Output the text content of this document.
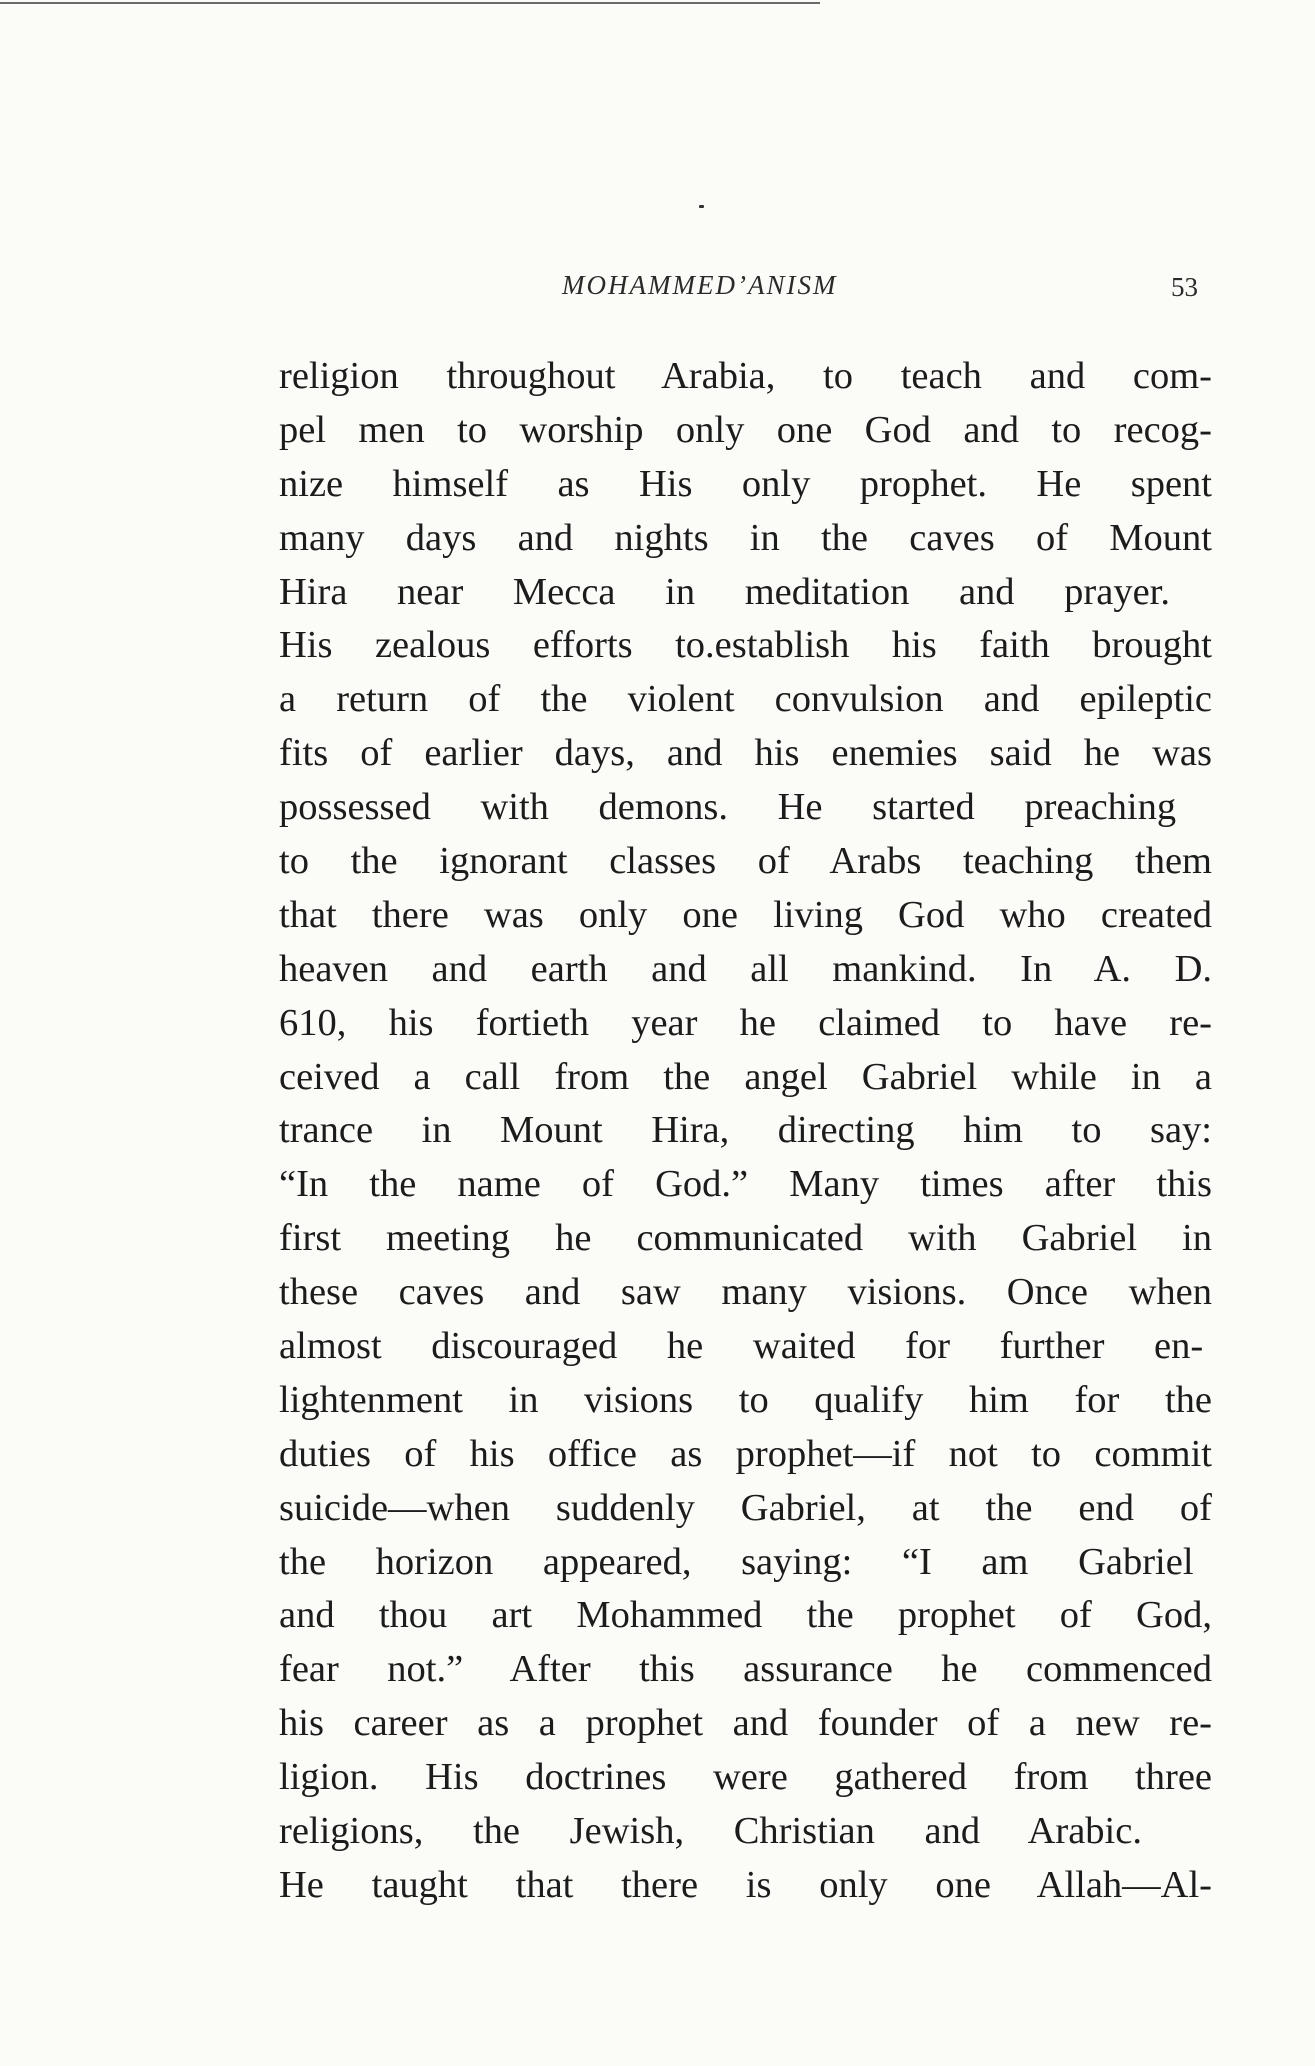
MOHAMMED’ANISM	53
religion throughout Arabia, to teach and com-
pel men to worship only one God and to recog-
nize himself as His only prophet. He spent
many days and nights in the caves of Mount
Hira near Mecca in meditation and prayer.
His zealous efforts to.establish his faith brought
a return of the violent convulsion and epileptic
fits of earlier days, and his enemies said he was
possessed with demons. He started preaching
to the ignorant classes of Arabs teaching them
that there was only one living God who created
heaven and earth and all mankind. In A. D.
610, his fortieth year he claimed to have re-
ceived a call from the angel Gabriel while in a
trance in Mount Hira, directing him to say:
“In the name of God.” Many times after this
first meeting he communicated with Gabriel in
these caves and saw many visions. Once when
almost discouraged he waited for further en-
lightenment in visions to qualify him for the
duties of his office as prophet—if not to commit
suicide—when suddenly Gabriel, at the end of
the horizon appeared, saying: “I am Gabriel
and thou art Mohammed the prophet of God,
fear not.” After this assurance he commenced
his career as a prophet and founder of a new re-
ligion. His doctrines were gathered from three
religions, the Jewish, Christian and Arabic.
He taught that there is only one Allah—Al-
